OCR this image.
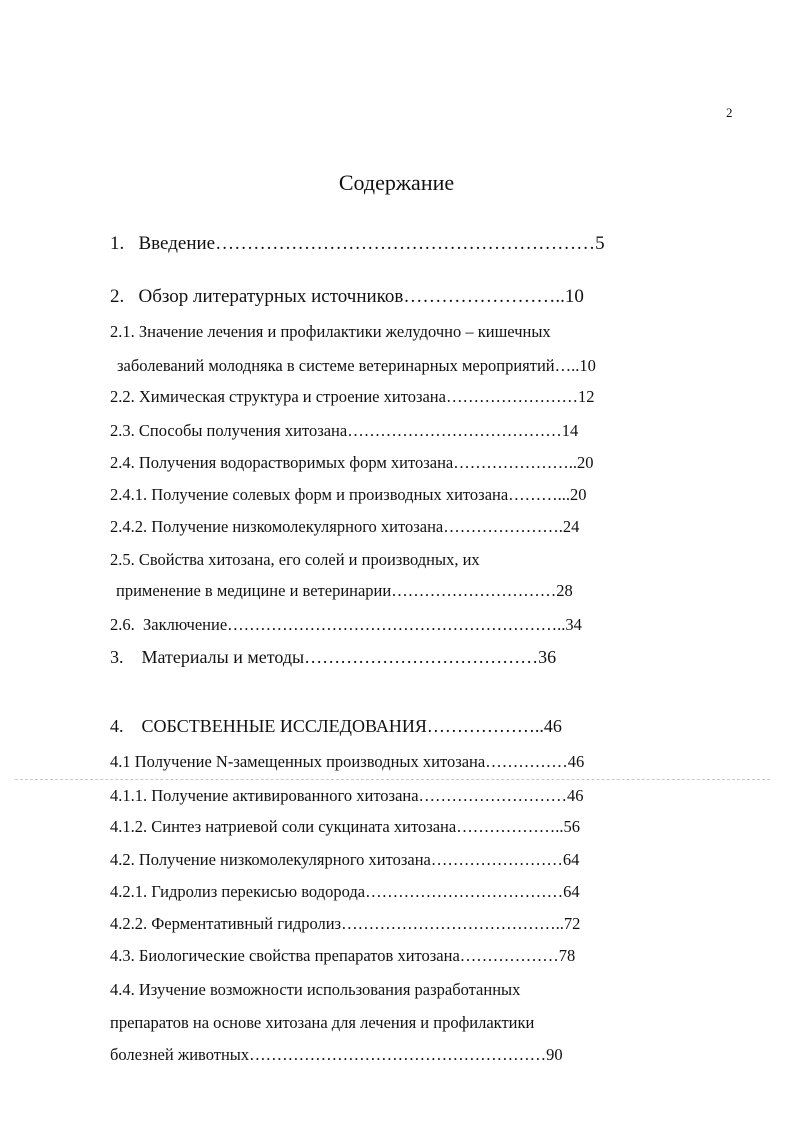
2
Содержание
1.   Введение……………………………………………………5
2.   Обзор литературных источников……………………..10
2.1. Значение лечения и профилактики желудочно – кишечных
заболеваний молодняка в системе ветеринарных мероприятий…..10
2.2. Химическая структура и строение хитозана……………………12
2.3. Способы получения хитозана…………………………………14
2.4. Получения водорастворимых форм хитозана…………………..20
2.4.1. Получение солевых форм и производных хитозана………...20
2.4.2. Получение низкомолекулярного хитозана………………….24
2.5. Свойства хитозана, его солей и производных, их
применение в медицине и ветеринарии…………………………28
2.6.  Заключение……………………………………………………..34
3.    Материалы и методы…………………………………36
4.    СОБСТВЕННЫЕ ИССЛЕДОВАНИЯ………………..46
4.1 Получение N-замещенных производных хитозана……………46
4.1.1. Получение активированного хитозана………………………46
4.1.2. Синтез натриевой соли сукцината хитозана………………..56
4.2. Получение низкомолекулярного хитозана……………………64
4.2.1. Гидролиз перекисью водорода………………………………64
4.2.2. Ферментативный гидролиз…………………………………..72
4.3. Биологические свойства препаратов хитозана………………78
4.4. Изучение возможности использования разработанных
препаратов на основе хитозана для лечения и профилактики
болезней животных………………………………………………90
